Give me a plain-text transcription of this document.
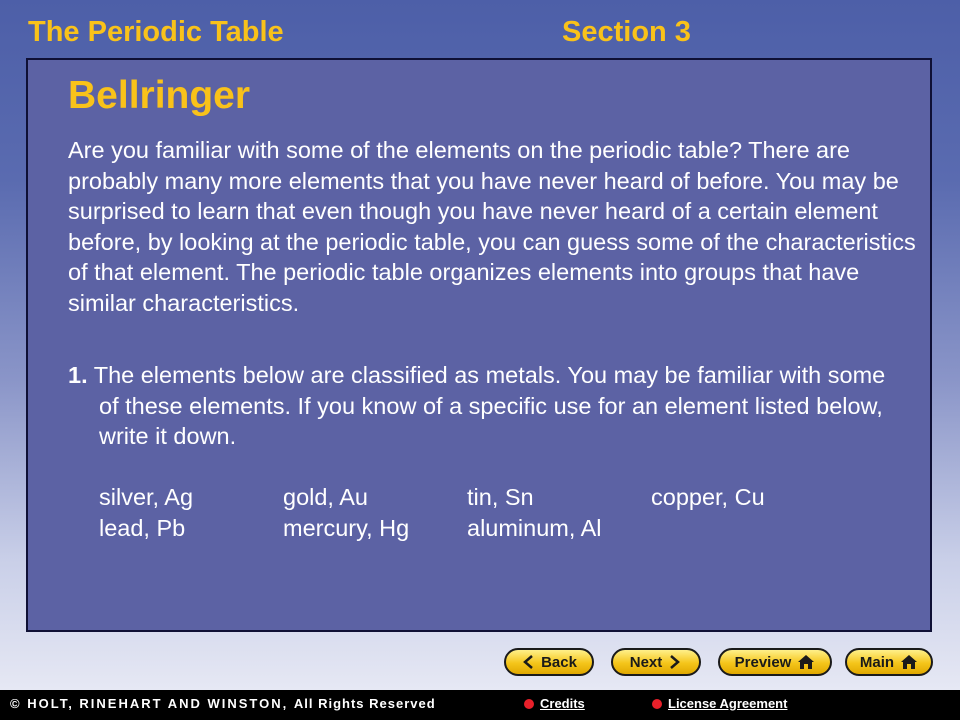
The Periodic Table	Section 3
Bellringer

Are you familiar with some of the elements on the periodic table? There are probably many more elements that you have never heard of before. You may be surprised to learn that even though you have never heard of a certain element before, by looking at the periodic table, you can guess some of the characteristics of that element. The periodic table organizes elements into groups that have similar characteristics.

1. The elements below are classified as metals. You may be familiar with some of these elements. If you know of a specific use for an element listed below, write it down.
silver, Ag	gold, Au	tin, Sn	copper, Cu
lead, Pb	mercury, Hg	aluminum, Al
Back	Next	Preview	Main
© HOLT, RINEHART AND WINSTON, All Rights Reserved	Credits	License Agreement
